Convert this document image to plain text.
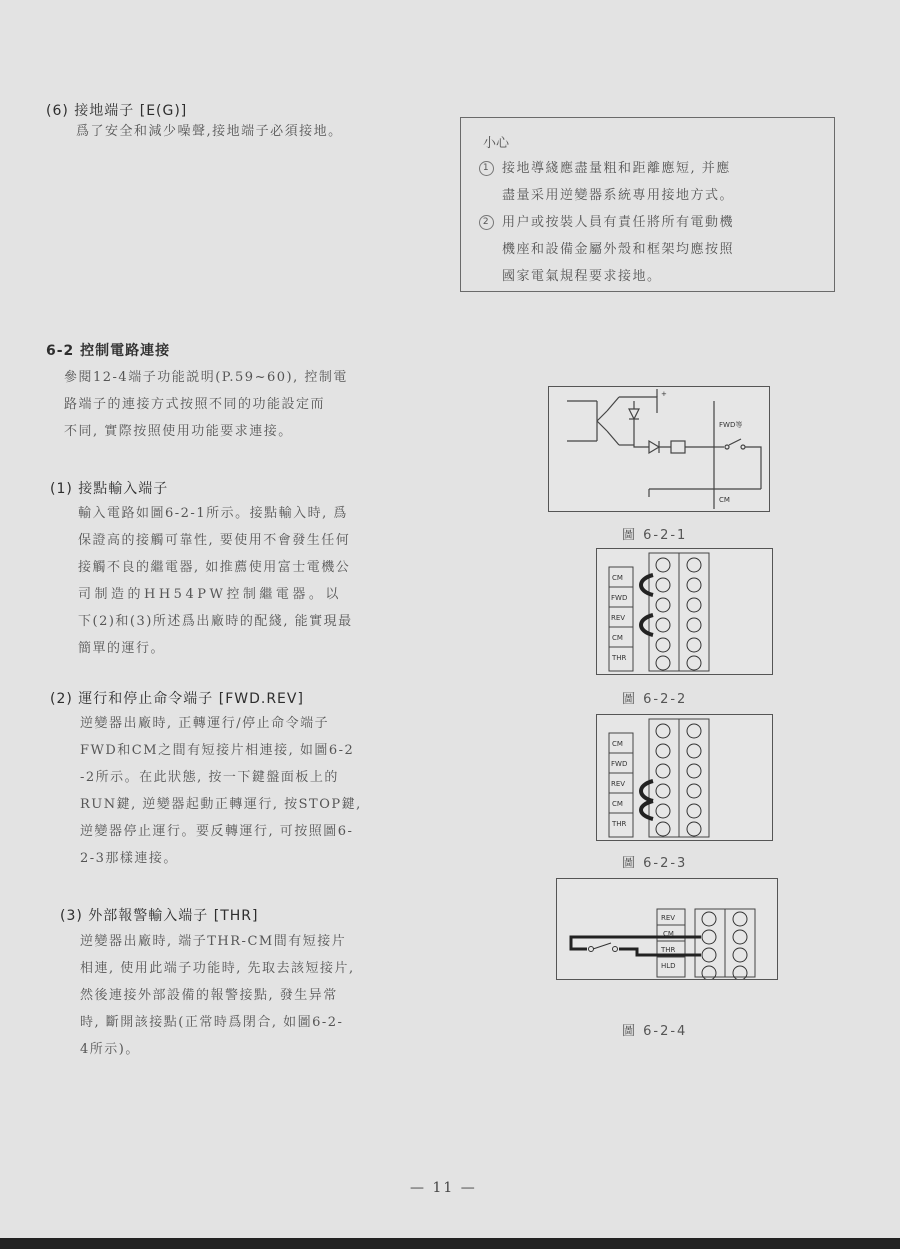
(6) 接地端子 [E(G)]
爲了安全和減少噪聲,接地端子必須接地。
小心
1 接地導綫應盡量粗和距離應短, 并應
盡量采用逆變器系統專用接地方式。
2 用户或按裝人員有責任將所有電動機
機座和設備金屬外殼和框架均應按照
國家電氣規程要求接地。
6-2 控制電路連接
參閱12-4端子功能説明(P.59~60), 控制電
路端子的連接方式按照不同的功能設定而
不同, 實際按照使用功能要求連接。
(1) 接點輸入端子
輸入電路如圖6-2-1所示。接點輸入時, 爲
保證高的接觸可靠性, 要使用不會發生任何
接觸不良的繼電器, 如推薦使用富士電機公
司制造的HH54PW控制繼電器。以
下(2)和(3)所述爲出廠時的配綫, 能實現最
簡單的運行。
(2) 運行和停止命令端子 [FWD.REV]
逆變器出廠時, 正轉運行/停止命令端子
FWD和CM之間有短接片相連接, 如圖6-2
-2所示。在此狀態, 按一下鍵盤面板上的
RUN鍵, 逆變器起動正轉運行, 按STOP鍵,
逆變器停止運行。要反轉運行, 可按照圖6-
2-3那樣連接。
(3) 外部報警輸入端子 [THR]
逆變器出廠時, 端子THR-CM間有短接片
相連, 使用此端子功能時, 先取去該短接片,
然後連接外部設備的報警接點, 發生异常
時, 斷開該接點(正常時爲閉合, 如圖6-2-
4所示)。
+
FWD等
CM
圖 6-2-1
CM
FWD
REV
CM
THR
圖 6-2-2
CM
FWD
REV
CM
THR
圖 6-2-3
REV
CM
THR
HLD
圖 6-2-4
— 11 —
